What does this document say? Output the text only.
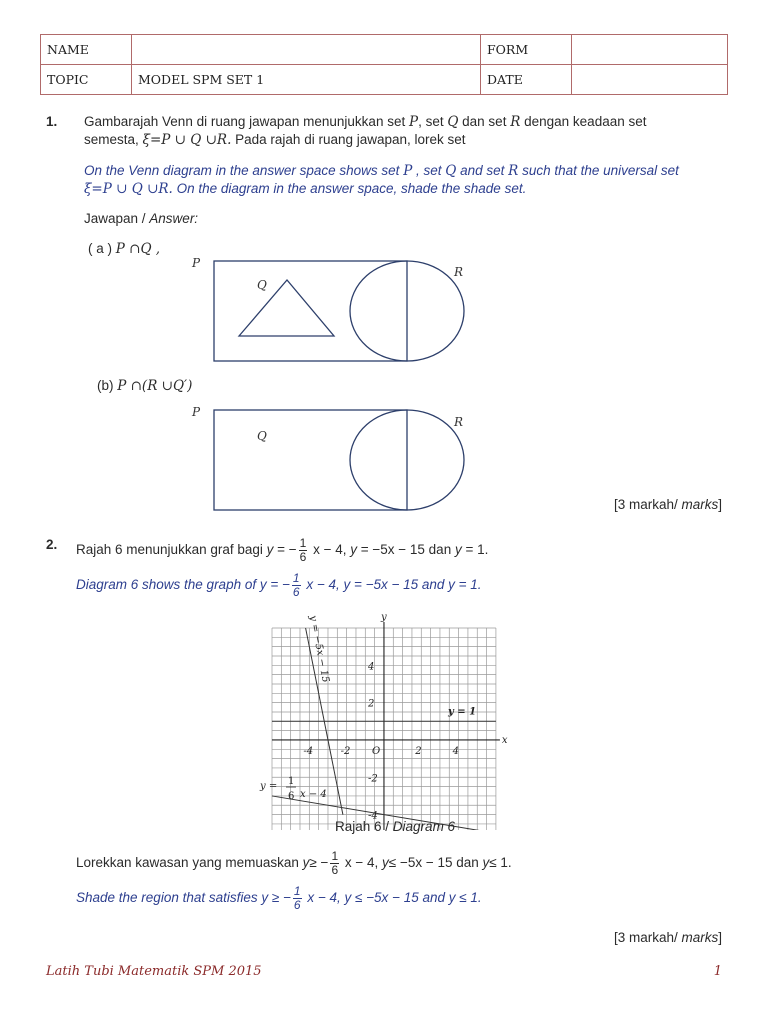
NAME		FORM	
TOPIC	MODEL SPM SET 1	DATE	
1. Gambarajah Venn di ruang jawapan menunjukkan set P, set Q dan set R dengan keadaan set
semesta, ξ=P ∪ Q ∪R. Pada rajah di ruang jawapan, lorek set
On the Venn diagram in the answer space shows set P , set Q and set R such that the universal set
ξ=P ∪ Q ∪R. On the diagram in the answer space, shade the shade set.
Jawapan / Answer:
( a ) P ∩Q ,
P
Q
R
(b) P ∩(R ∪Q′)
P
Q
R
[3 markah/ marks]
2. Rajah 6 menunjukkan graf bagi y = − $\frac{1}{6}$ x − 4, y = −5x − 15 dan y = 1.
Diagram 6 shows the graph of y = − $\frac{1}{6}$ x − 4, y = −5x − 15 and y = 1.
x
y
O
-4	-2	2	4
4
2
-2
-4
y = 1
y = −5x − 15
y = 1
6 x − 4
Rajah 6 / Diagram 6
Lorekkan kawasan yang memuaskan $y\ge - \frac{1}{6}$ x − 4, y≤ −5x − 15 dan y≤ 1.
Shade the region that satisfies y ≥ − $\frac{1}{6}$ x − 4, y ≤ −5x − 15 and y ≤ 1.
[3 markah/ marks]
Latih Tubi Matematik SPM 2015	1
